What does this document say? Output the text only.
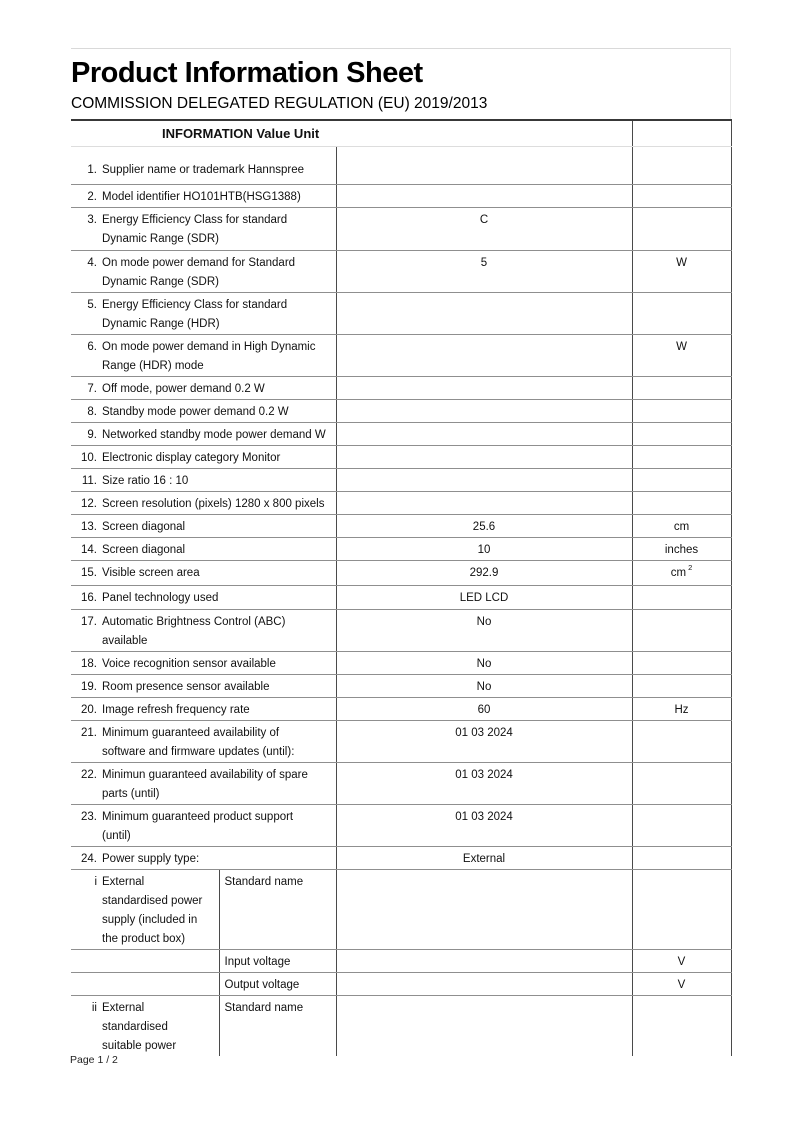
Product Information Sheet
COMMISSION DELEGATED REGULATION (EU) 2019/2013
INFORMATION Value Unit			

1. Supplier name or trademark Hannspree			

2. Model identifier HO101HTB(HSG1388)			

3. Energy Efficiency Class for standard
Dynamic Range (SDR)		C	

4. On mode power demand for Standard
Dynamic Range (SDR)		5	W

5. Energy Efficiency Class for standard
Dynamic Range (HDR)			

6. On mode power demand in High Dynamic
Range (HDR) mode			W

7. Off mode, power demand 0.2 W			

8. Standby mode power demand 0.2 W			

9. Networked standby mode power demand W			

10. Electronic display category Monitor			

11. Size ratio 16 : 10			

12. Screen resolution (pixels) 1280 x 800 pixels			

13. Screen diagonal		25.6	cm

14. Screen diagonal		10	inches

15. Visible screen area		292.9	cm $^2$

16. Panel technology used		LED LCD	

17. Automatic Brightness Control (ABC)
available		No	

18. Voice recognition sensor available		No	

19. Room presence sensor available		No	

20. Image refresh frequency rate		60	Hz

21. Minimum guaranteed availability of
software and firmware updates (until):		01 03 2024	

22. Minimun guaranteed availability of spare
parts (until)		01 03 2024	

23. Minimum guaranteed product support
(until)		01 03 2024	

24. Power supply type:		External	

i External
standardised power
supply (included in
the product box)	Standard name		

	Input voltage		V

	Output voltage		V

ii External
standardised
suitable power	Standard name		
Page 1 / 2
